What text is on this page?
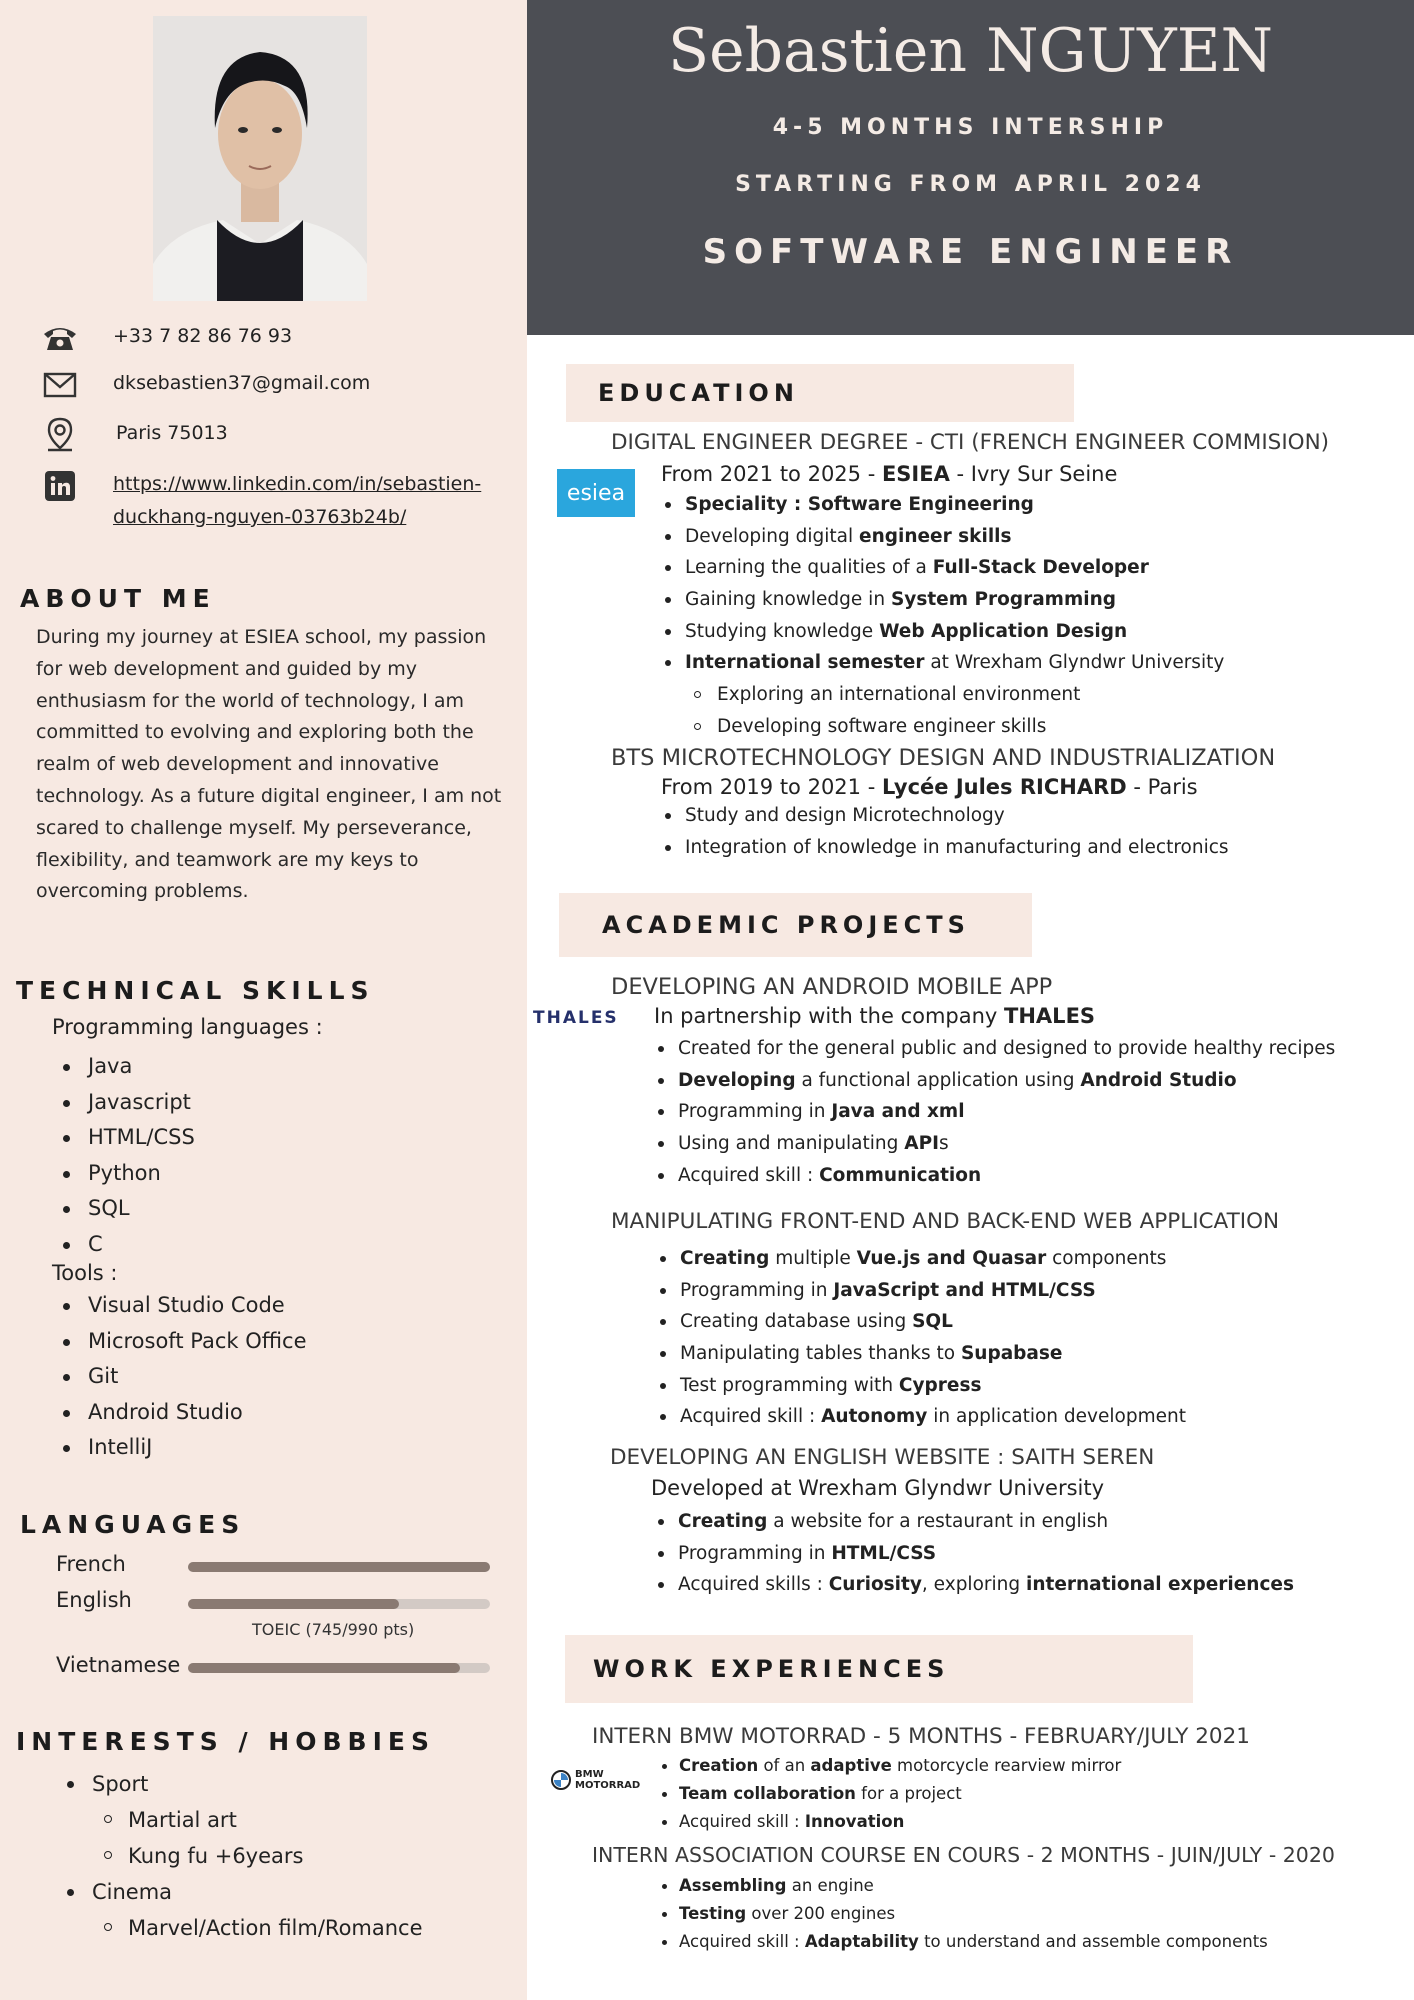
+33 7 82 86 76 93
dksebastien37@gmail.com
Paris 75013
https://www.linkedin.com/in/sebastien-duckhang-nguyen-03763b24b/
ABOUT ME
During my journey at ESIEA school, my passion for web development and guided by my enthusiasm for the world of technology, I am committed to evolving and exploring both the realm of web development and innovative technology. As a future digital engineer, I am not scared to challenge myself. My perseverance, flexibility, and teamwork are my keys to overcoming problems.
TECHNICAL SKILLS
Programming languages :
Java
Javascript
HTML/CSS
Python
SQL
C
Tools :
Visual Studio Code
Microsoft Pack Office
Git
Android Studio
IntelliJ
LANGUAGES
French
English
TOEIC (745/990 pts)
Vietnamese
INTERESTS / HOBBIES
Sport
Martial art
Kung fu +6years
Cinema
Marvel/Action film/Romance
Sebastien NGUYEN
4-5 MONTHS INTERSHIP
STARTING FROM APRIL 2024
SOFTWARE ENGINEER
EDUCATION
esiea
DIGITAL ENGINEER DEGREE - CTI (FRENCH ENGINEER COMMISION)
From 2021 to 2025 - ESIEA - Ivry Sur Seine
Speciality : Software Engineering
Developing digital engineer skills
Learning the qualities of a Full-Stack Developer
Gaining knowledge in System Programming
Studying knowledge Web Application Design
International semester at Wrexham Glyndwr University
Exploring an international environment
Developing software engineer skills
BTS MICROTECHNOLOGY DESIGN AND INDUSTRIALIZATION
From 2019 to 2021 - Lycée Jules RICHARD - Paris
Study and design Microtechnology
Integration of knowledge in manufacturing and electronics
ACADEMIC PROJECTS
DEVELOPING AN ANDROID MOBILE APP
THALES In partnership with the company THALES
Created for the general public and designed to provide healthy recipes
Developing a functional application using Android Studio
Programming in Java and xml
Using and manipulating APIs
Acquired skill : Communication
MANIPULATING FRONT-END AND BACK-END WEB APPLICATION
Creating multiple Vue.js and Quasar components
Programming in JavaScript and HTML/CSS
Creating database using SQL
Manipulating tables thanks to Supabase
Test programming with Cypress
Acquired skill : Autonomy in application development
DEVELOPING AN ENGLISH WEBSITE : SAITH SEREN
Developed at Wrexham Glyndwr University
Creating a website for a restaurant in english
Programming in HTML/CSS
Acquired skills : Curiosity, exploring international experiences
WORK EXPERIENCES
INTERN BMW MOTORRAD - 5 MONTHS - FEBRUARY/JULY 2021
BMW
MOTORRAD
Creation of an adaptive motorcycle rearview mirror
Team collaboration for a project
Acquired skill : Innovation
INTERN ASSOCIATION COURSE EN COURS - 2 MONTHS - JUIN/JULY - 2020
Assembling an engine
Testing over 200 engines
Acquired skill : Adaptability to understand and assemble components
